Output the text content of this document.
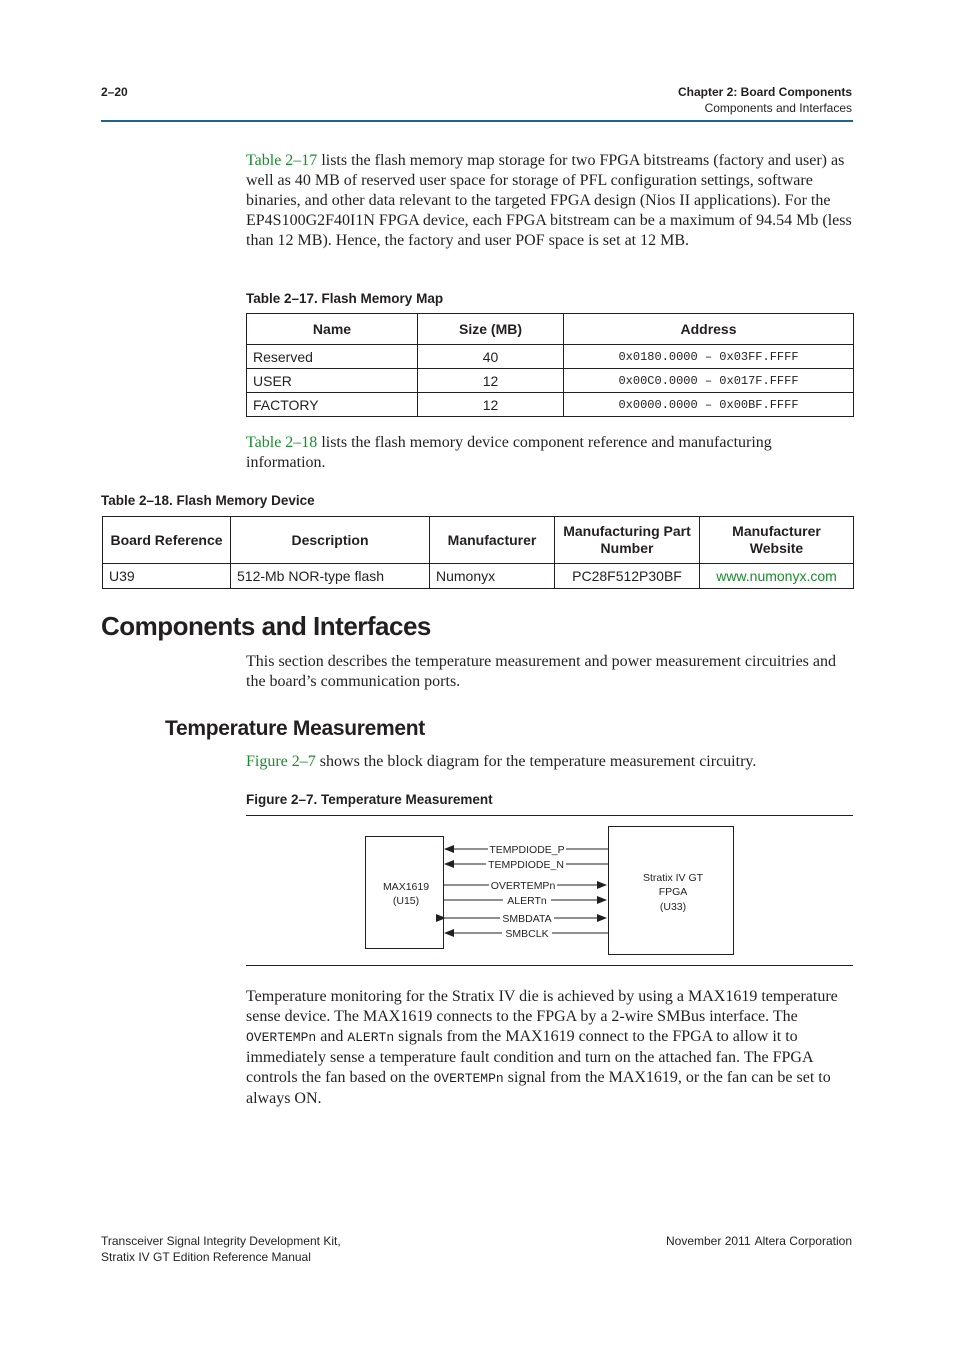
2–20	Chapter 2: Board Components
Components and Interfaces
Table 2–17 lists the flash memory map storage for two FPGA bitstreams (factory and user) as well as 40 MB of reserved user space for storage of PFL configuration settings, software binaries, and other data relevant to the targeted FPGA design (Nios II applications). For the EP4S100G2F40I1N FPGA device, each FPGA bitstream can be a maximum of 94.54 Mb (less than 12 MB). Hence, the factory and user POF space is set at 12 MB.
Table 2–17. Flash Memory Map
Name	Size (MB)	Address
Reserved	40	0x0180.0000 – 0x03FF.FFFF
USER	12	0x00C0.0000 – 0x017F.FFFF
FACTORY	12	0x0000.0000 – 0x00BF.FFFF
Table 2–18 lists the flash memory device component reference and manufacturing information.
Table 2–18. Flash Memory Device
Board Reference	Description	Manufacturer	Manufacturing Part Number	Manufacturer Website
U39	512-Mb NOR-type flash	Numonyx	PC28F512P30BF	www.numonyx.com
Components and Interfaces
This section describes the temperature measurement and power measurement circuitries and the board’s communication ports.
Temperature Measurement
Figure 2–7 shows the block diagram for the temperature measurement circuitry.
Figure 2–7. Temperature Measurement
MAX1619
(U15)
Stratix IV GT
FPGA
(U33)
TEMPDIODE_P
TEMPDIODE_N
OVERTEMPn
ALERTn
SMBDATA
SMBCLK
Temperature monitoring for the Stratix IV die is achieved by using a MAX1619 temperature sense device. The MAX1619 connects to the FPGA by a 2-wire SMBus interface. The OVERTEMPn and ALERTn signals from the MAX1619 connect to the FPGA to allow it to immediately sense a temperature fault condition and turn on the attached fan. The FPGA controls the fan based on the OVERTEMPn signal from the MAX1619, or the fan can be set to always ON.
Transceiver Signal Integrity Development Kit,
Stratix IV GT Edition Reference Manual
November 2011 Altera Corporation
